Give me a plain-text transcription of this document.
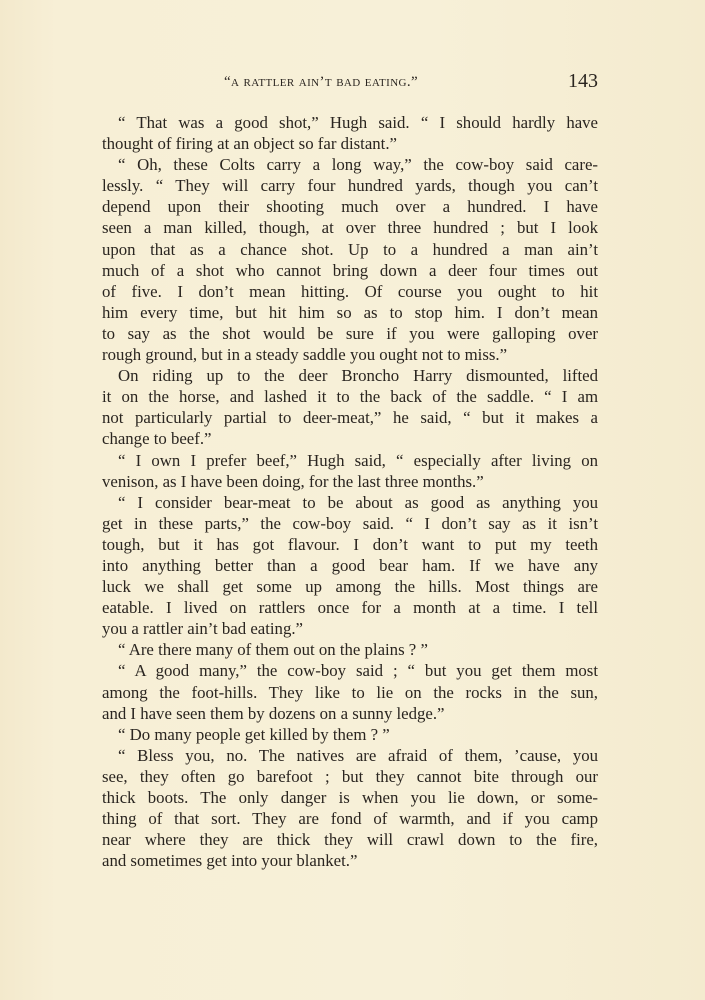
“a rattler ain’t bad eating.”	143
“ That was a good shot,” Hugh said. “ I should hardly have
thought of firing at an object so far distant.”
“ Oh, these Colts carry a long way,” the cow-boy said care-
lessly. “ They will carry four hundred yards, though you can’t
depend upon their shooting much over a hundred. I have
seen a man killed, though, at over three hundred ; but I look
upon that as a chance shot. Up to a hundred a man ain’t
much of a shot who cannot bring down a deer four times out
of five. I don’t mean hitting. Of course you ought to hit
him every time, but hit him so as to stop him. I don’t mean
to say as the shot would be sure if you were galloping over
rough ground, but in a steady saddle you ought not to miss.”
On riding up to the deer Broncho Harry dismounted, lifted
it on the horse, and lashed it to the back of the saddle. “ I am
not particularly partial to deer-meat,” he said, “ but it makes a
change to beef.”
“ I own I prefer beef,” Hugh said, “ especially after living on
venison, as I have been doing, for the last three months.”
“ I consider bear-meat to be about as good as anything you
get in these parts,” the cow-boy said. “ I don’t say as it isn’t
tough, but it has got flavour. I don’t want to put my teeth
into anything better than a good bear ham. If we have any
luck we shall get some up among the hills. Most things are
eatable. I lived on rattlers once for a month at a time. I tell
you a rattler ain’t bad eating.”
“ Are there many of them out on the plains ? ”
“ A good many,” the cow-boy said ; “ but you get them most
among the foot-hills. They like to lie on the rocks in the sun,
and I have seen them by dozens on a sunny ledge.”
“ Do many people get killed by them ? ”
“ Bless you, no. The natives are afraid of them, ’cause, you
see, they often go barefoot ; but they cannot bite through our
thick boots. The only danger is when you lie down, or some-
thing of that sort. They are fond of warmth, and if you camp
near where they are thick they will crawl down to the fire,
and sometimes get into your blanket.”
